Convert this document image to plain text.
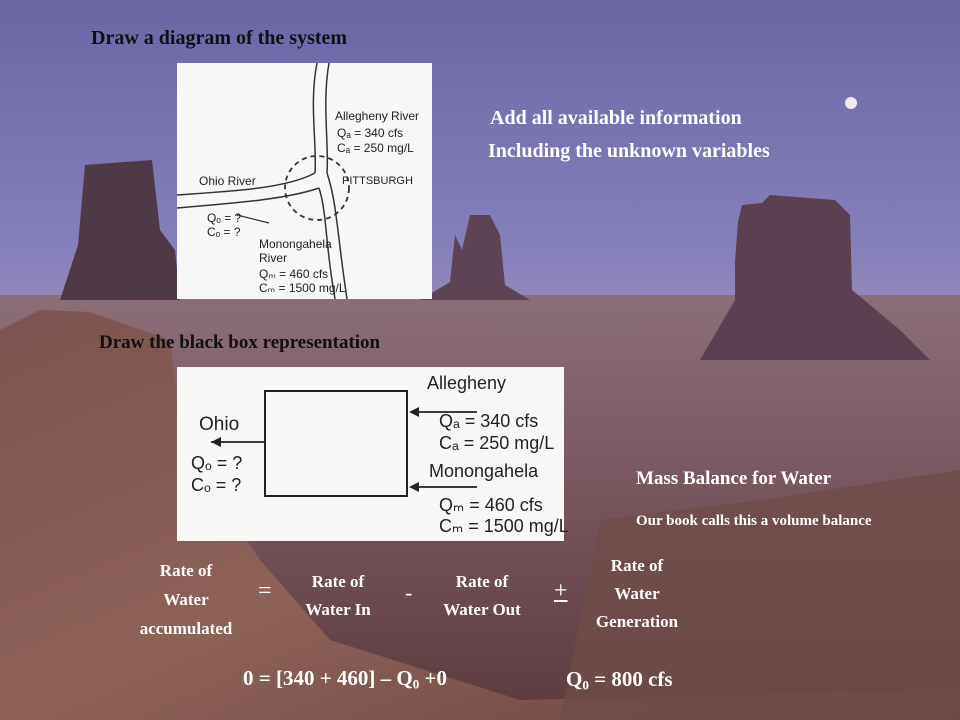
Draw a diagram of the system
Allegheny River
Qₐ = 340 cfs
Cₐ = 250 mg/L
Ohio River	PITTSBURGH
Qₒ = ?
Cₒ = ?
Monongahela
River
Qₘ = 460 cfs
Cₘ = 1500 mg/L
Add all available information
Including the unknown variables
Draw the black box representation
Ohio
Qₒ = ?
Cₒ = ?
Allegheny
Qₐ = 340 cfs
Cₐ = 250 mg/L
Monongahela
Qₘ = 460 cfs
Cₘ = 1500 mg/L
Mass Balance for Water
Our book calls this a volume balance
Rate of
Water
accumulated
=	Rate of
Water In
-	Rate of
Water Out
+
Rate of
Water
Generation
$0 = [340 + 460] - Q_0 +0$	$Q_0 = 800$ cfs
